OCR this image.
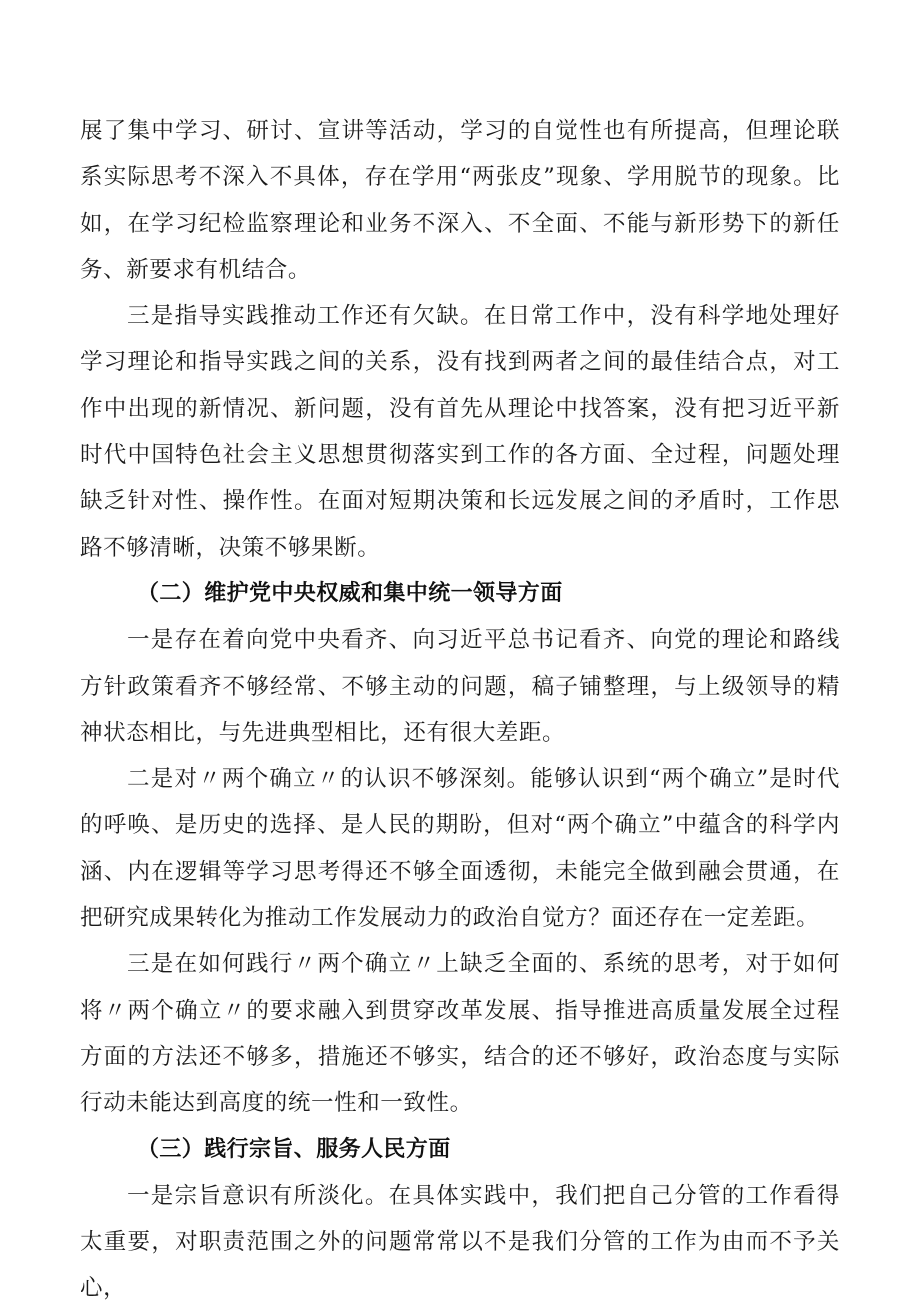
展了集中学习、研讨、宣讲等活动，学习的自觉性也有所提高，但理论联系实际思考不深入不具体，存在学用“两张皮”现象、学用脱节的现象。比如，在学习纪检监察理论和业务不深入、不全面、不能与新形势下的新任务、新要求有机结合。

三是指导实践推动工作还有欠缺。在日常工作中，没有科学地处理好学习理论和指导实践之间的关系，没有找到两者之间的最佳结合点，对工作中出现的新情况、新问题，没有首先从理论中找答案，没有把习近平新时代中国特色社会主义思想贯彻落实到工作的各方面、全过程，问题处理缺乏针对性、操作性。在面对短期决策和长远发展之间的矛盾时，工作思路不够清晰，决策不够果断。

（二）维护党中央权威和集中统一领导方面

一是存在着向党中央看齐、向习近平总书记看齐、向党的理论和路线方针政策看齐不够经常、不够主动的问题，稿子铺整理，与上级领导的精神状态相比，与先进典型相比，还有很大差距。

二是对〃两个确立〃的认识不够深刻。能够认识到“两个确立”是时代的呼唤、是历史的选择、是人民的期盼，但对“两个确立”中蕴含的科学内涵、内在逻辑等学习思考得还不够全面透彻，未能完全做到融会贯通，在把研究成果转化为推动工作发展动力的政治自觉方？面还存在一定差距。

三是在如何践行〃两个确立〃上缺乏全面的、系统的思考，对于如何将〃两个确立〃的要求融入到贯穿改革发展、指导推进高质量发展全过程方面的方法还不够多，措施还不够实，结合的还不够好，政治态度与实际行动未能达到高度的统一性和一致性。

（三）践行宗旨、服务人民方面

一是宗旨意识有所淡化。在具体实践中，我们把自己分管的工作看得太重要，对职责范围之外的问题常常以不是我们分管的工作为由而不予关心，
